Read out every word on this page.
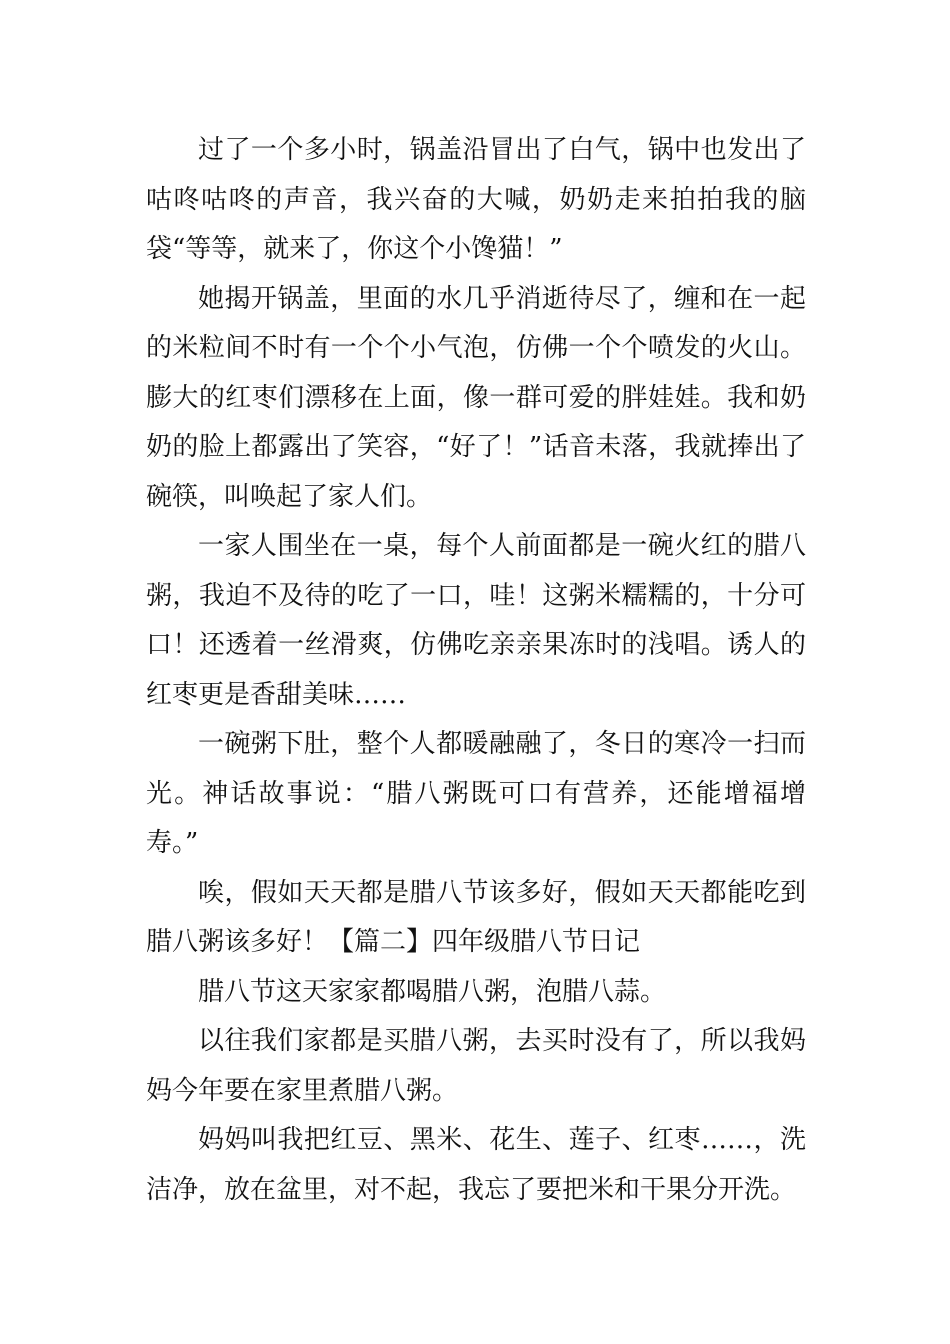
过了一个多小时，锅盖沿冒出了白气，锅中也发出了咕咚咕咚的声音，我兴奋的大喊，奶奶走来拍拍我的脑袋“等等，就来了，你这个小馋猫！”

她揭开锅盖，里面的水几乎消逝待尽了，缠和在一起的米粒间不时有一个个小气泡，仿佛一个个喷发的火山。膨大的红枣们漂移在上面，像一群可爱的胖娃娃。我和奶奶的脸上都露出了笑容，“好了！”话音未落，我就捧出了碗筷，叫唤起了家人们。

一家人围坐在一桌，每个人前面都是一碗火红的腊八粥，我迫不及待的吃了一口，哇！这粥米糯糯的，十分可口！还透着一丝滑爽，仿佛吃亲亲果冻时的浅唱。诱人的红枣更是香甜美味……

一碗粥下肚，整个人都暖融融了，冬日的寒冷一扫而光。神话故事说：“腊八粥既可口有营养，还能增福增寿。”

唉，假如天天都是腊八节该多好，假如天天都能吃到腊八粥该多好！【篇二】四年级腊八节日记

腊八节这天家家都喝腊八粥，泡腊八蒜。

以往我们家都是买腊八粥，去买时没有了，所以我妈妈今年要在家里煮腊八粥。

妈妈叫我把红豆、黑米、花生、莲子、红枣……，洗洁净，放在盆里，对不起，我忘了要把米和干果分开洗。
